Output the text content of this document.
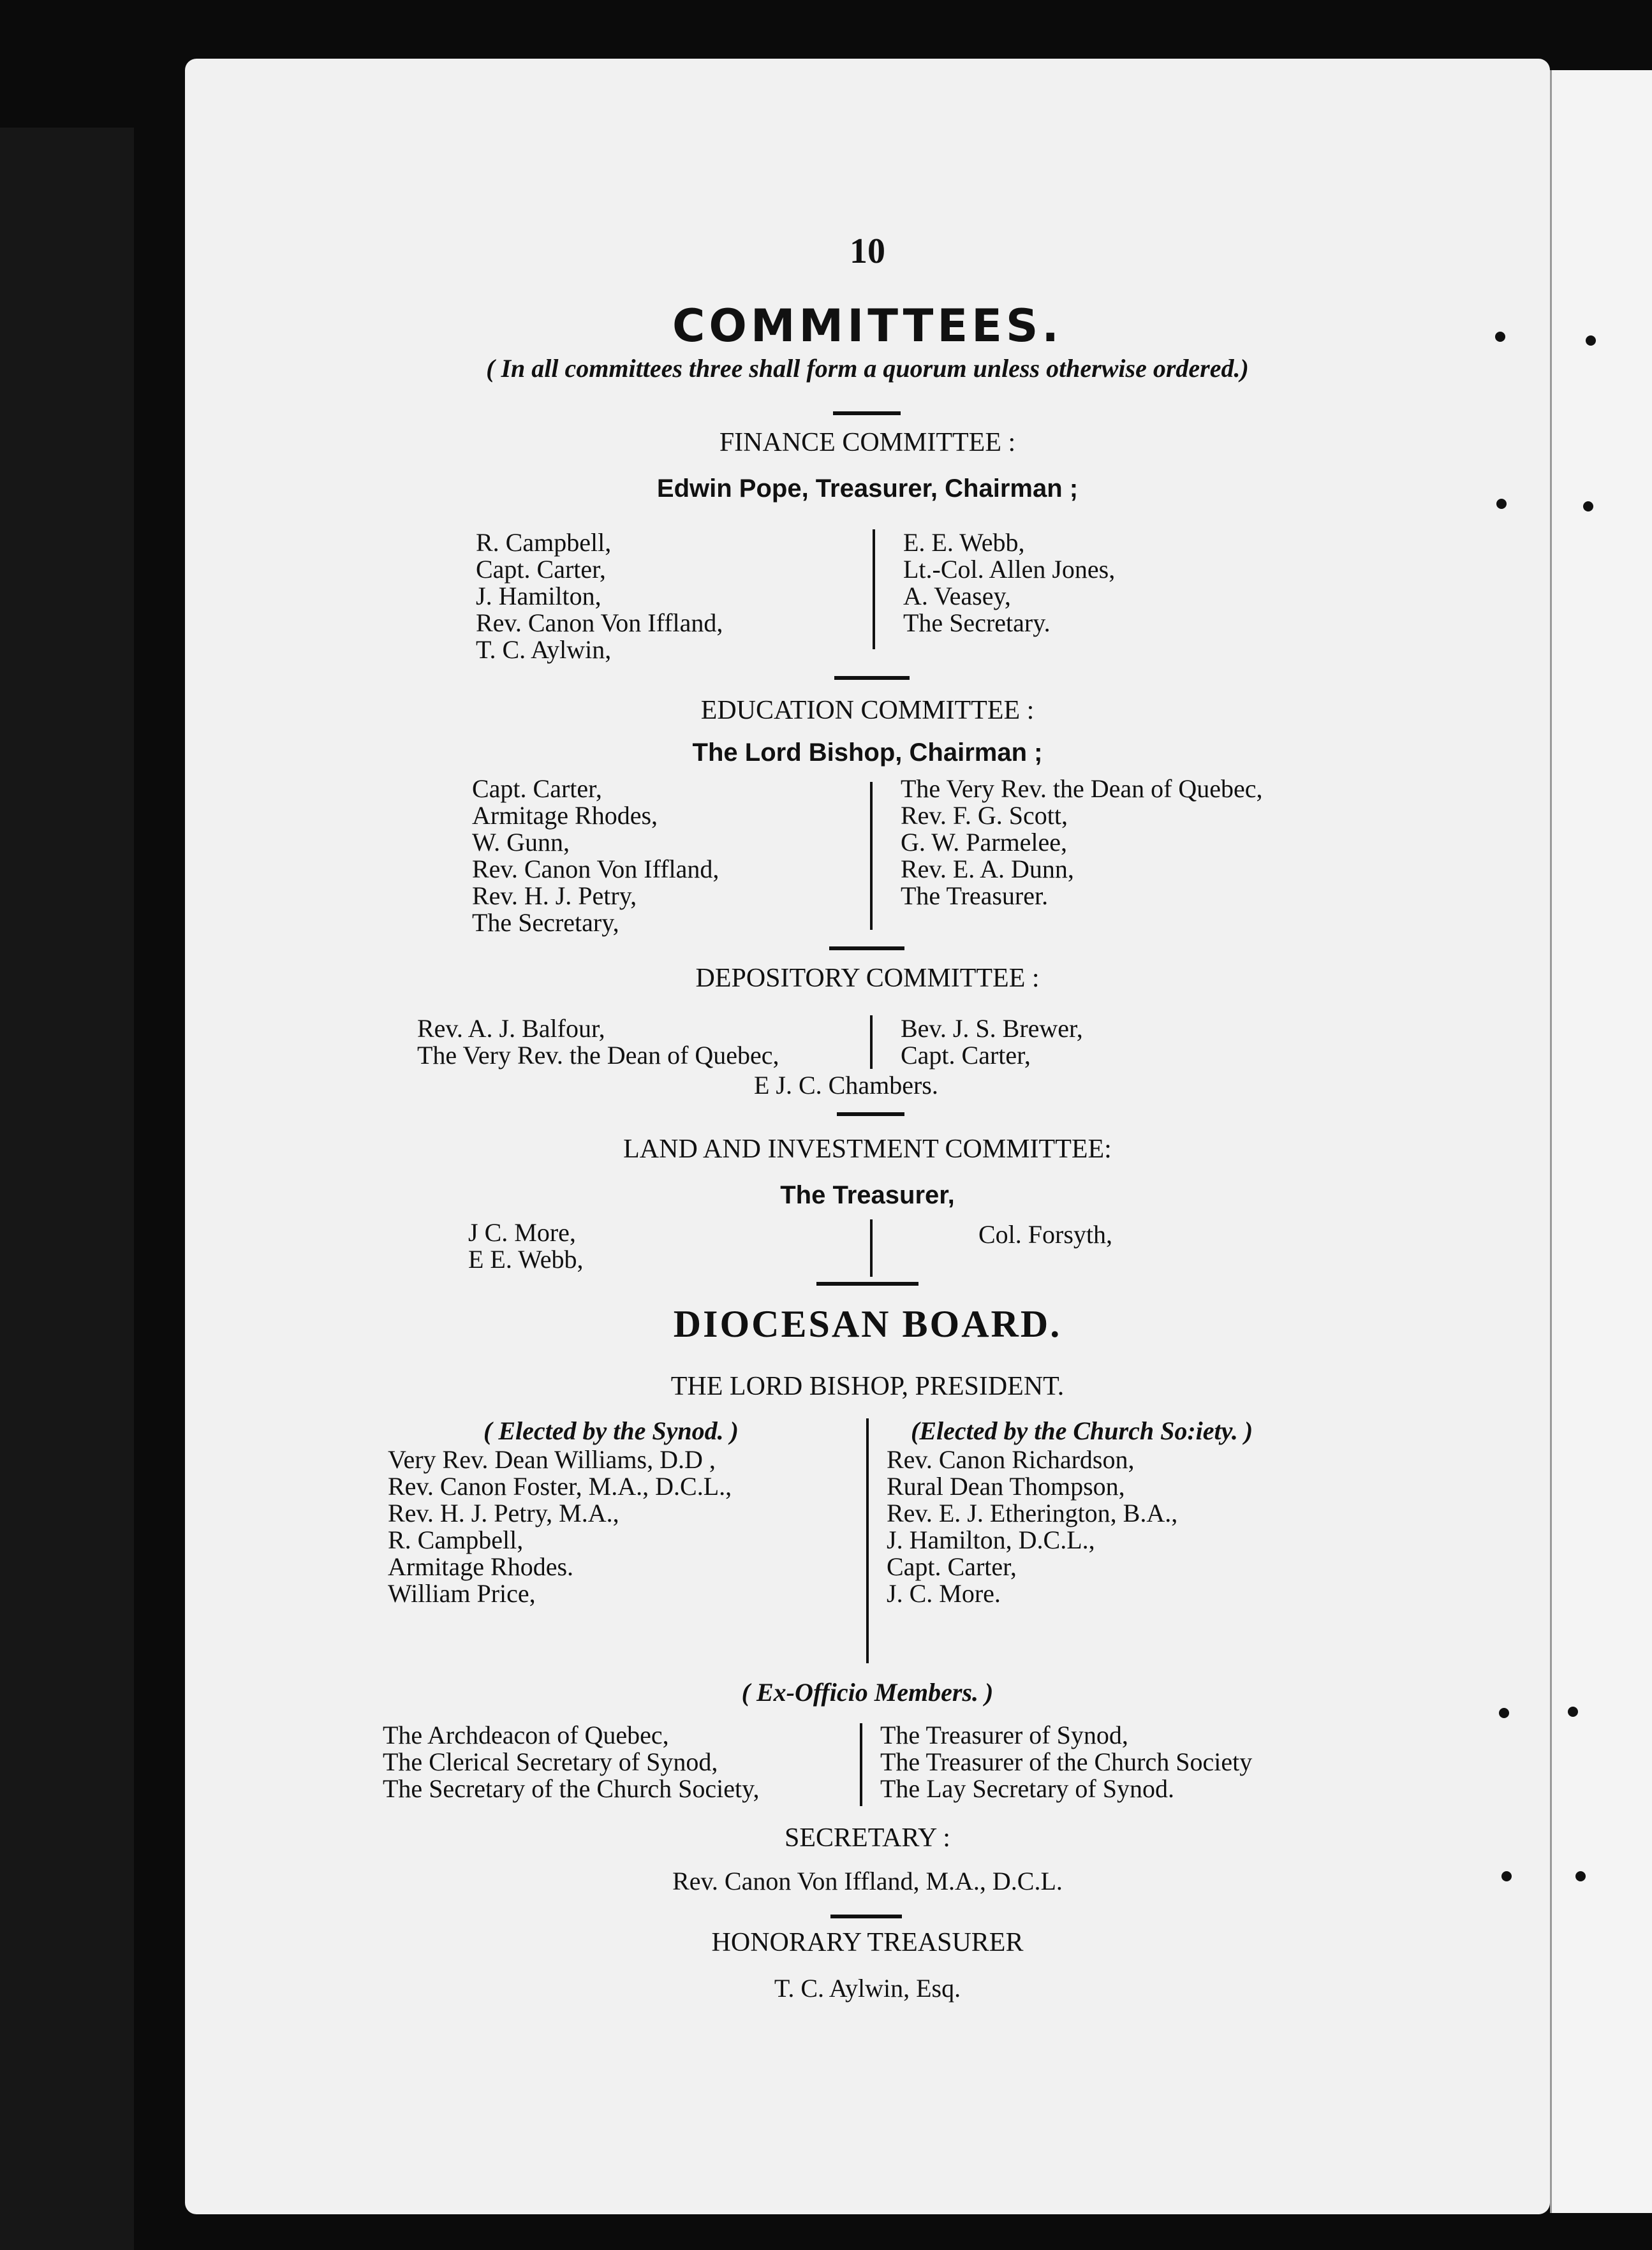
10
COMMITTEES.
( In all committees three shall form a quorum unless otherwise ordered.)
FINANCE COMMITTEE :
Edwin Pope, Treasurer, Chairman ;
R. Campbell,
Capt. Carter,
J. Hamilton,
Rev. Canon Von Iffland,
T. C. Aylwin,
E. E. Webb,
Lt.-Col. Allen Jones,
A. Veasey,
The Secretary.
EDUCATION COMMITTEE :
The Lord Bishop, Chairman ;
Capt. Carter,
Armitage Rhodes,
W. Gunn,
Rev. Canon Von Iffland,
Rev. H. J. Petry,
The Secretary,
The Very Rev. the Dean of Quebec,
Rev. F. G. Scott,
G. W. Parmelee,
Rev. E. A. Dunn,
The Treasurer.
DEPOSITORY COMMITTEE :
Rev. A. J. Balfour,
The Very Rev. the Dean of Quebec,
Bev. J. S. Brewer,
Capt. Carter,
E J. C. Chambers.
LAND AND INVESTMENT COMMITTEE:
The Treasurer,
J C. More,
E E. Webb,
Col. Forsyth,
DIOCESAN BOARD.
THE LORD BISHOP, PRESIDENT.
( Elected by the Synod. )	(Elected by the Church So:iety. )
Very Rev. Dean Williams, D.D ,
Rev. Canon Foster, M.A., D.C.L.,
Rev. H. J. Petry, M.A.,
R. Campbell,
Armitage Rhodes.
William Price,
Rev. Canon Richardson,
Rural Dean Thompson,
Rev. E. J. Etherington, B.A.,
J. Hamilton, D.C.L.,
Capt. Carter,
J. C. More.
( Ex-Officio Members. )
The Archdeacon of Quebec,
The Clerical Secretary of Synod,
The Secretary of the Church Society,
The Treasurer of Synod,
The Treasurer of the Church Society
The Lay Secretary of Synod.
SECRETARY :
Rev. Canon Von Iffland, M.A., D.C.L.
HONORARY TREASURER
T. C. Aylwin, Esq.
